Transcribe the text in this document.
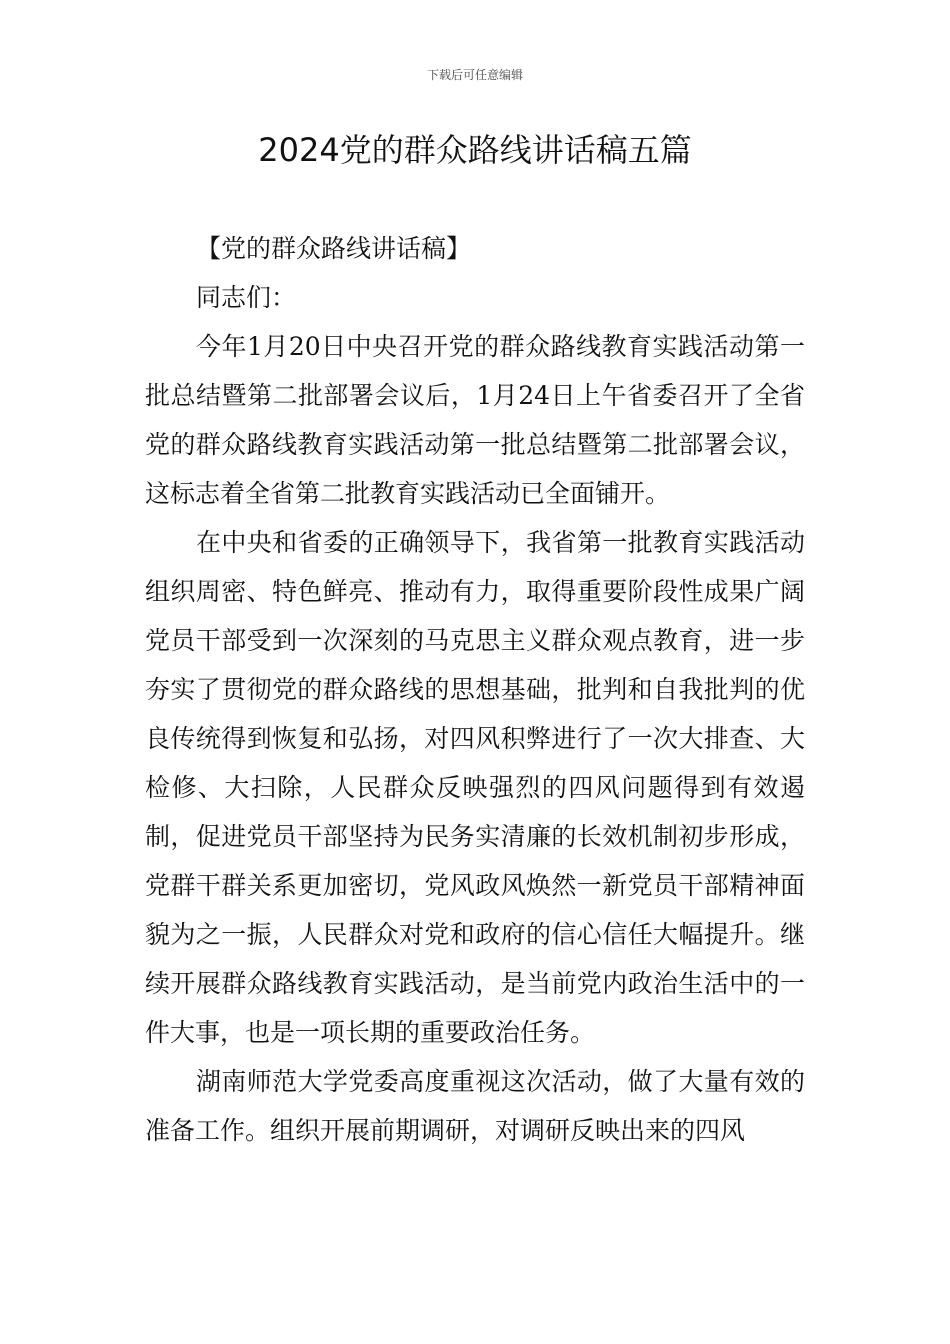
下载后可任意编辑
2024党的群众路线讲话稿五篇

【党的群众路线讲话稿】

同志们：

今年1月20日中央召开党的群众路线教育实践活动第一批总结暨第二批部署会议后，1月24日上午省委召开了全省党的群众路线教育实践活动第一批总结暨第二批部署会议，这标志着全省第二批教育实践活动已全面铺开。

在中央和省委的正确领导下，我省第一批教育实践活动组织周密、特色鲜亮、推动有力，取得重要阶段性成果广阔党员干部受到一次深刻的马克思主义群众观点教育，进一步夯实了贯彻党的群众路线的思想基础，批判和自我批判的优良传统得到恢复和弘扬，对四风积弊进行了一次大排查、大检修、大扫除，人民群众反映强烈的四风问题得到有效遏制，促进党员干部坚持为民务实清廉的长效机制初步形成，党群干群关系更加密切，党风政风焕然一新党员干部精神面貌为之一振，人民群众对党和政府的信心信任大幅提升。继续开展群众路线教育实践活动，是当前党内政治生活中的一件大事，也是一项长期的重要政治任务。

湖南师范大学党委高度重视这次活动，做了大量有效的准备工作。组织开展前期调研，对调研反映出来的四风
